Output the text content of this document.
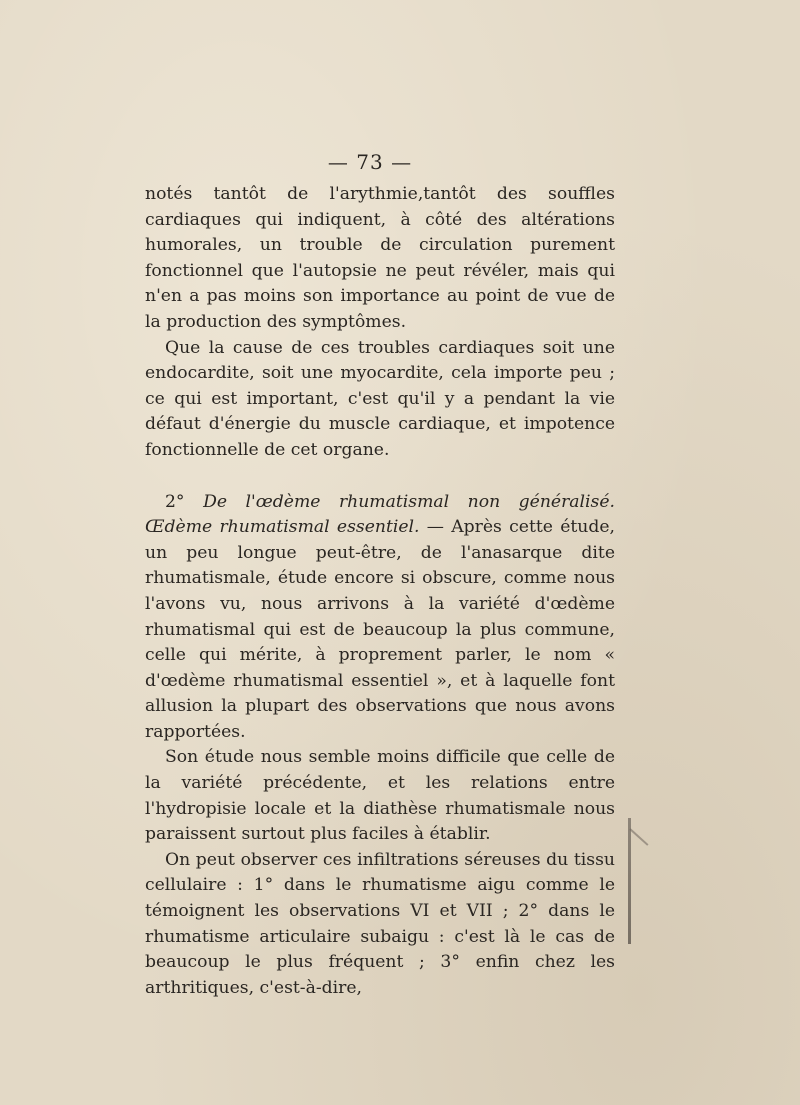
— 73 —

notés tantôt de l'arythmie,tantôt des souffles cardiaques qui indiquent, à côté des altérations humorales, un trouble de circulation purement fonctionnel que l'autopsie ne peut révéler, mais qui n'en a pas moins son importance au point de vue de la production des symptômes.

Que la cause de ces troubles cardiaques soit une endocardite, soit une myocardite, cela importe peu ; ce qui est important, c'est qu'il y a pendant la vie défaut d'énergie du muscle cardiaque, et impotence fonctionnelle de cet organe.

2° De l'œdème rhumatismal non généralisé. Œdème rhumatismal essentiel. — Après cette étude, un peu longue peut-être, de l'anasarque dite rhumatismale, étude encore si obscure, comme nous l'avons vu, nous arrivons à la variété d'œdème rhumatismal qui est de beaucoup la plus commune, celle qui mérite, à proprement parler, le nom « d'œdème rhumatismal essentiel », et à laquelle font allusion la plupart des observations que nous avons rapportées.

Son étude nous semble moins difficile que celle de la variété précédente, et les relations entre l'hydropisie locale et la diathèse rhumatismale nous paraissent surtout plus faciles à établir.

On peut observer ces infiltrations séreuses du tissu cellulaire : 1° dans le rhumatisme aigu comme le témoignent les observations VI et VII ; 2° dans le rhumatisme articulaire subaigu : c'est là le cas de beaucoup le plus fréquent ; 3° enfin chez les arthritiques, c'est-à-dire,
